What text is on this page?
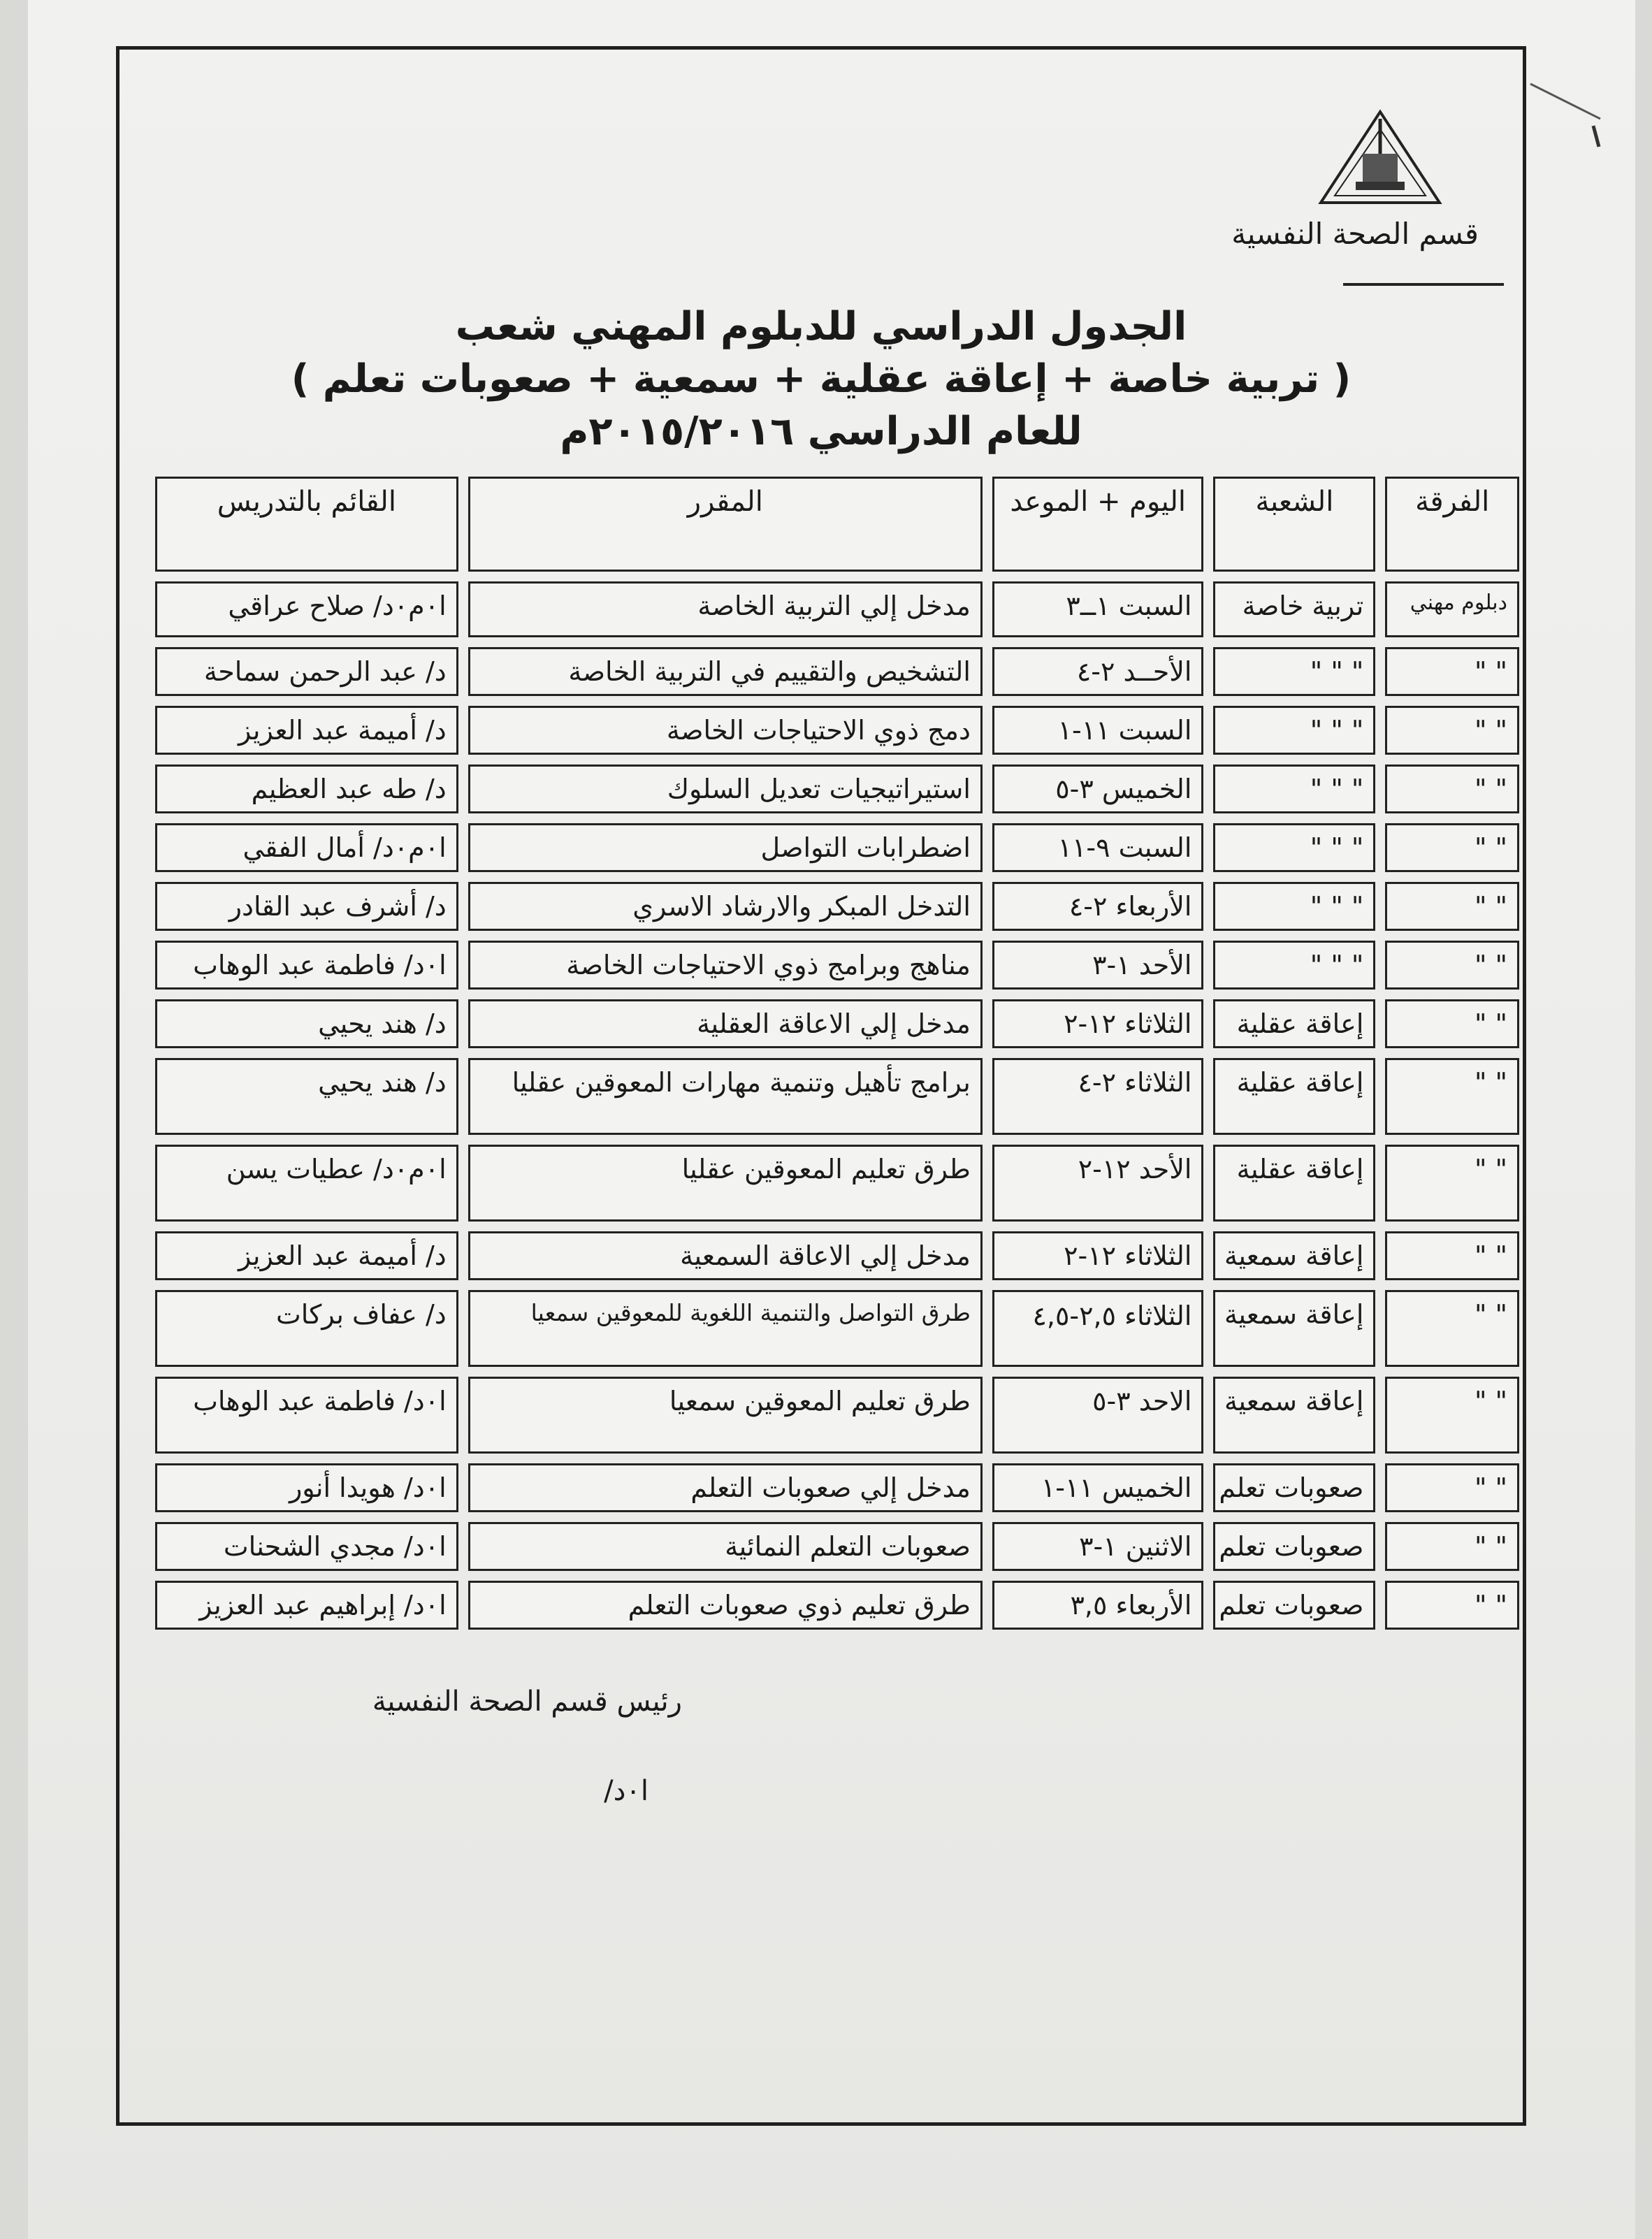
قسم الصحة النفسية
الجدول الدراسي للدبلوم المهني شعب
( تربية خاصة + إعاقة عقلية + سمعية + صعوبات تعلم )
للعام الدراسي ٢٠١٥/٢٠١٦م
الفرقة	الشعبة	اليوم + الموعد	المقرر	القائم بالتدريس
دبلوم مهني	تربية خاصة	السبت ١ــ٣	مدخل إلي التربية الخاصة	ا٠م٠د/ صلاح عراقي
" "	" " "	الأحــد ٢-٤	التشخيص والتقييم في التربية الخاصة	د/ عبد الرحمن سماحة
" "	" " "	السبت ١١-١	دمج ذوي الاحتياجات الخاصة	د/ أميمة عبد العزيز
" "	" " "	الخميس ٣-٥	استيراتيجيات تعديل السلوك	د/ طه عبد العظيم
" "	" " "	السبت ٩-١١	اضطرابات التواصل	ا٠م٠د/ أمال الفقي
" "	" " "	الأربعاء ٢-٤	التدخل المبكر والارشاد الاسري	د/ أشرف عبد القادر
" "	" " "	الأحد ١-٣	مناهج وبرامج ذوي الاحتياجات الخاصة	ا٠د/ فاطمة عبد الوهاب
" "	إعاقة عقلية	الثلاثاء ١٢-٢	مدخل إلي الاعاقة العقلية	د/ هند يحيي
" "	إعاقة عقلية	الثلاثاء ٢-٤	برامج تأهيل وتنمية مهارات المعوقين عقليا	د/ هند يحيي
" "	إعاقة عقلية	الأحد ١٢-٢	طرق تعليم المعوقين عقليا	ا٠م٠د/ عطيات يسن
" "	إعاقة سمعية	الثلاثاء ١٢-٢	مدخل إلي الاعاقة السمعية	د/ أميمة عبد العزيز
" "	إعاقة سمعية	الثلاثاء ٢,٥-٤,٥	طرق التواصل والتنمية اللغوية للمعوقين سمعيا	د/ عفاف بركات
" "	إعاقة سمعية	الاحد ٣-٥	طرق تعليم المعوقين سمعيا	ا٠د/ فاطمة عبد الوهاب
" "	صعوبات تعلم	الخميس ١١-١	مدخل إلي صعوبات التعلم	ا٠د/ هويدا أنور
" "	صعوبات تعلم	الاثنين ١-٣	صعوبات التعلم النمائية	ا٠د/ مجدي الشحنات
" "	صعوبات تعلم	الأربعاء ٣,٥	طرق تعليم ذوي صعوبات التعلم	ا٠د/ إبراهيم عبد العزيز
رئيس قسم الصحة النفسية
ا٠د/
